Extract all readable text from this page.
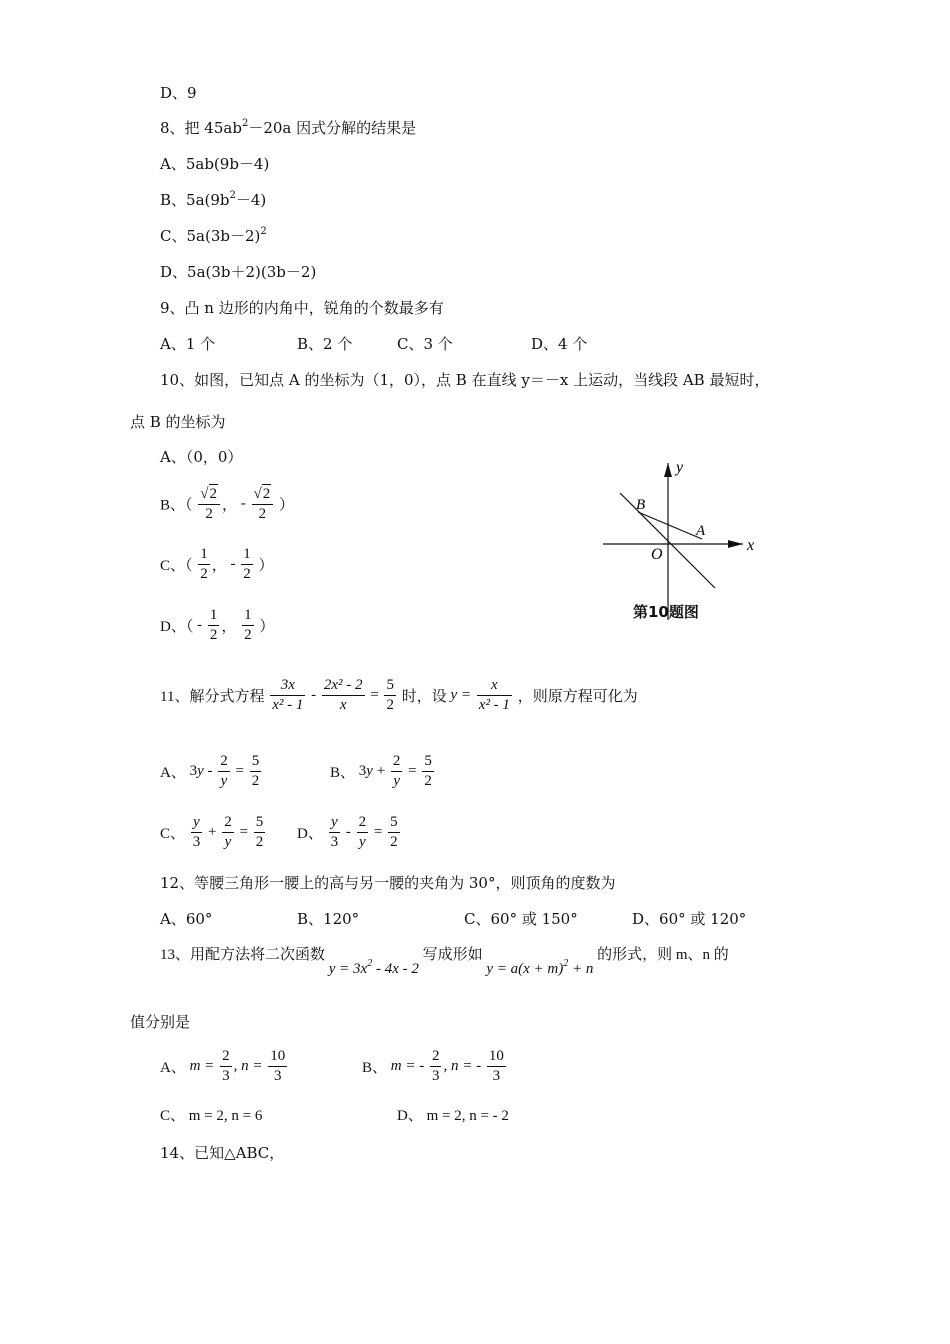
D、9
8、把 $45ab^2-20a$ 因式分解的结果是
A、5ab(9b－4)
B、$5a(9b^2-4)$
C、$5a(3b-2)^2$
D、5a(3b＋2)(3b－2)
9、凸 n 边形的内角中，锐角的个数最多有
A、1 个	B、2 个	C、3 个	D、4 个
10、如图，已知点 A 的坐标为（1，0），点 B 在直线 y＝－x 上运动，当线段 AB 最短时，
点 B 的坐标为
A、（0，0）
B、（ $\frac{√2}{2}$ ， - $\frac{√2}{2}$ ）
C、（ $\frac{1}{2}$ ， - $\frac{1}{2}$ ）
D、（ - $\frac{1}{2}$ ， $\frac{1}{2}$ ）
y
x
B
A
O
第10题图
11、解分式方程 $\frac{3x}{\text{x² - 1}} - \frac{\text{2x² - 2}}{x} = \frac{5}{2}$ 时，设 $y = \frac{x}{\text{x² - 1}}$ ，则原方程可化为
A、 $3y - \frac{2}{y} = \frac{5}{2}$	B、 $3y + \frac{2}{y} = \frac{5}{2}$
C、 $\frac{y}{3} + \frac{2}{y} = \frac{5}{2}$ D、 $\frac{y}{3} - \frac{2}{y} = \frac{5}{2}$
12、等腰三角形一腰上的高与另一腰的夹角为 30°，则顶角的度数为
A、60°	B、120°	C、60° 或 150°	D、60° 或 120°
13、用配方法将二次函数 $y = 3x^2 - 4x - 2$ 写成形如 $y = a(x + m)^2 + n$ 的形式，则 m、n 的
值分别是
A、 $m = \frac{2}{3}$ , $n = \frac{10}{3}$	B、 m = - $\frac{2}{3}$ , n = - $\frac{10}{3}$
C、 m = 2, n = 6	D、 m = 2, n = - 2
14、已知△ABC，
